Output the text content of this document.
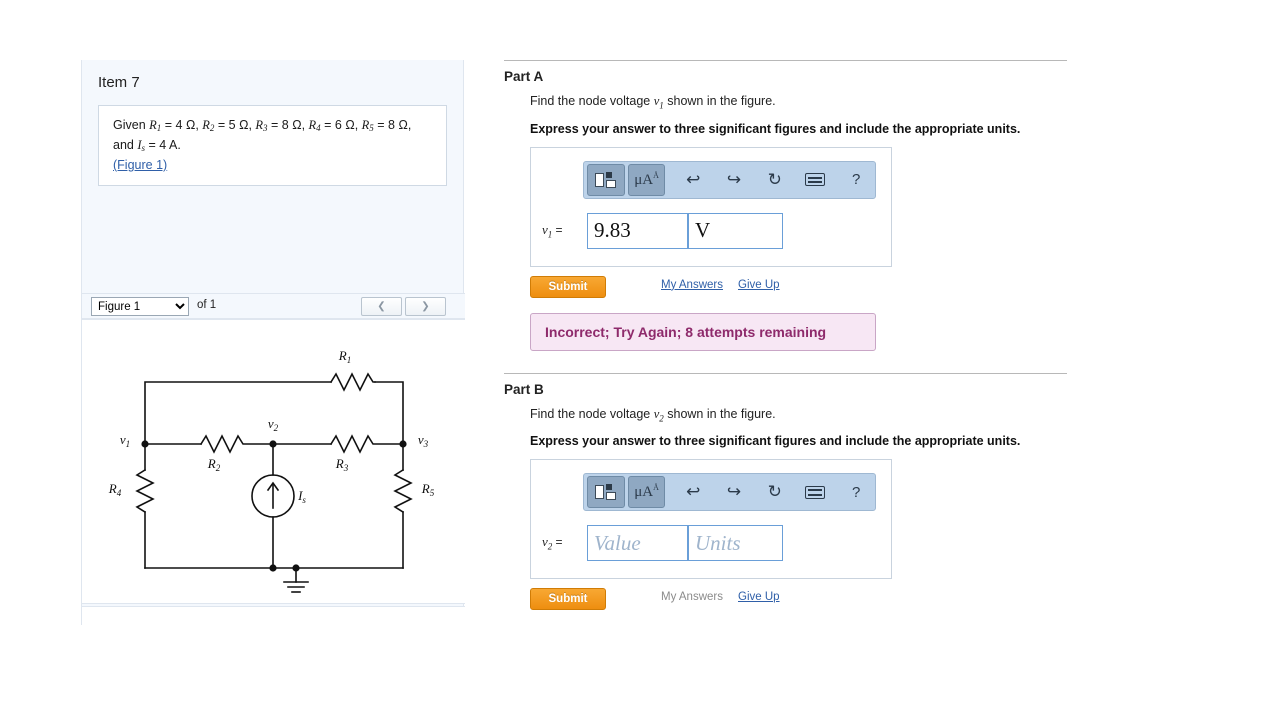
Item 7
Given R1 = 4 Ω, R2 = 5 Ω, R3 = 8 Ω, R4 = 6 Ω, R5 = 8 Ω, and Is = 4 A.
(Figure 1)
Figure 1
of 1	❮	❯
$R_1$
$R_2$	$R_3$
$R_4$	$R_5$
$v_1$
$v_2$
$v_3$
$I_s$
Part A
Find the node voltage $v_1$ shown in the figure.
Express your answer to three significant figures and include the appropriate units.
$\mu A^Å$ ↩ ↪ ↻	?
$v_1$ =
9.83
V
Submit	My Answers Give Up
Incorrect; Try Again; 8 attempts remaining
Part B
Find the node voltage $v_2$ shown in the figure.
Express your answer to three significant figures and include the appropriate units.
$\mu A^Å$ ↩ ↪ ↻	?
$v_2$ =
Value
Units
Submit	My Answers Give Up
